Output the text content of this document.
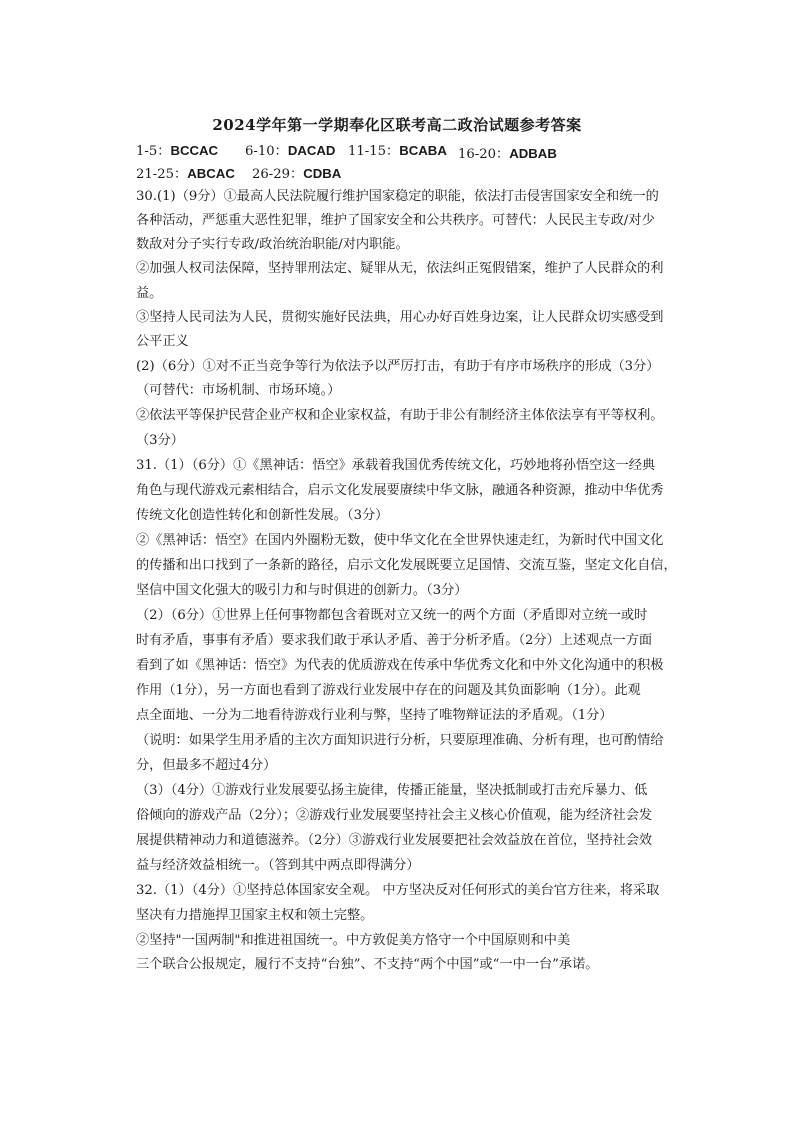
2024学年第一学期奉化区联考高二政治试题参考答案
1-5：BCCAC 6-10：DACAD 11-15：BCABA 16-20：ADBAB
21-25：ABCAC 26-29：CDBA
30.(1)（9分）①最高人民法院履行维护国家稳定的职能，依法打击侵害国家安全和统一的
各种活动，严惩重大恶性犯罪，维护了国家安全和公共秩序。可替代：人民民主专政/对少
数敌对分子实行专政/政治统治职能/对内职能。
②加强人权司法保障，坚持罪刑法定、疑罪从无，依法纠正冤假错案，维护了人民群众的利
益。
③坚持人民司法为人民，贯彻实施好民法典，用心办好百姓身边案，让人民群众切实感受到
公平正义
(2)（6分）①对不正当竞争等行为依法予以严厉打击，有助于有序市场秩序的形成（3分）
（可替代：市场机制、市场环境。）
②依法平等保护民营企业产权和企业家权益，有助于非公有制经济主体依法享有平等权利。
（3分）
31.（1）（6分）①《黑神话：悟空》承载着我国优秀传统文化，巧妙地将孙悟空这一经典
角色与现代游戏元素相结合，启示文化发展要赓续中华文脉，融通各种资源，推动中华优秀
传统文化创造性转化和创新性发展。（3分）
②《黑神话：悟空》在国内外圈粉无数，使中华文化在全世界快速走红，为新时代中国文化
的传播和出口找到了一条新的路径，启示文化发展既要立足国情、交流互鉴，坚定文化自信，
坚信中国文化强大的吸引力和与时俱进的创新力。（3分）
（2）（6分）①世界上任何事物都包含着既对立又统一的两个方面（矛盾即对立统一或时
时有矛盾，事事有矛盾）要求我们敢于承认矛盾、善于分析矛盾。（2分）上述观点一方面
看到了如《黑神话：悟空》为代表的优质游戏在传承中华优秀文化和中外文化沟通中的积极
作用（1分），另一方面也看到了游戏行业发展中存在的问题及其负面影响（1分）。此观
点全面地、一分为二地看待游戏行业利与弊，坚持了唯物辩证法的矛盾观。（1分）
（说明：如果学生用矛盾的主次方面知识进行分析，只要原理准确、分析有理，也可酌情给
分，但最多不超过4分）
（3）（4分）①游戏行业发展要弘扬主旋律，传播正能量，坚决抵制或打击充斥暴力、低
俗倾向的游戏产品（2分）；②游戏行业发展要坚持社会主义核心价值观，能为经济社会发
展提供精神动力和道德滋养。（2分）③游戏行业发展要把社会效益放在首位，坚持社会效
益与经济效益相统一。（答到其中两点即得满分）
32.（1）（4分）①坚持总体国家安全观。 中方坚决反对任何形式的美台官方往来，将采取
坚决有力措施捍卫国家主权和领土完整。
②坚持"一国两制"和推进祖国统一。中方敦促美方恪守一个中国原则和中美
三个联合公报规定，履行不支持“台独”、不支持“两个中国”或“一中一台”承诺。
